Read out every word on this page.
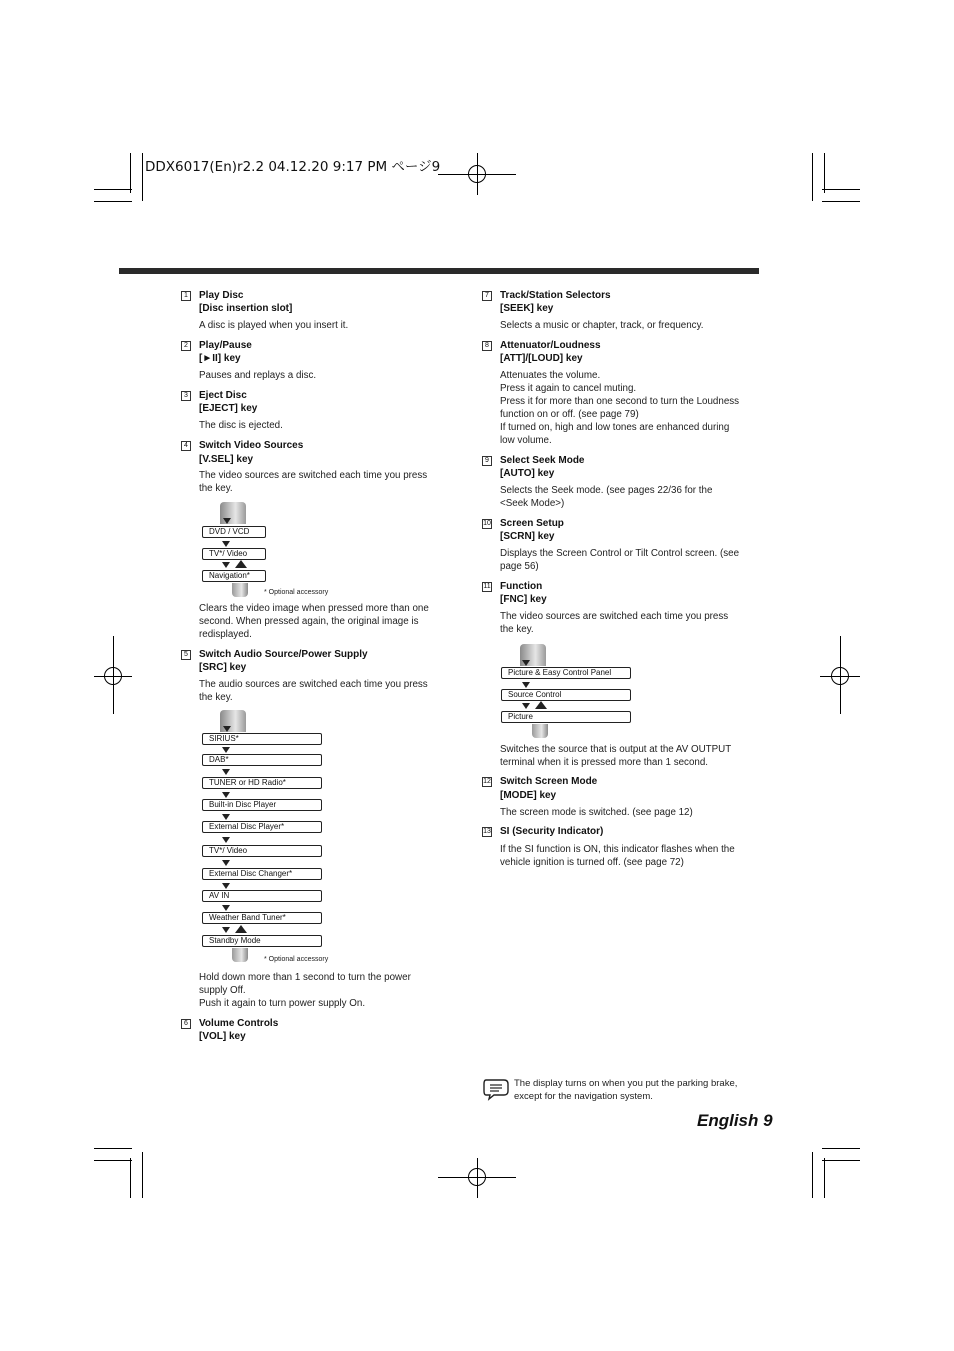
DDX6017(En)r2.2 04.12.20 9:17 PM ページ9
1	Play Disc
[Disc insertion slot]
A disc is played when you insert it.
2	Play/Pause
[►II] key
Pauses and replays a disc.
3	Eject Disc
[EJECT] key
The disc is ejected.
4	Switch Video Sources
[V.SEL] key
The video sources are switched each time you press
the key.
DVD / VCD
TV*/ Video
Navigation*
* Optional accessory
Clears the video image when pressed more than one
second. When pressed again, the original image is
redisplayed.
5	Switch Audio Source/Power Supply
[SRC] key
The audio sources are switched each time you press
the key.
SIRIUS*
DAB*
TUNER or HD Radio*
Built-in Disc Player
External Disc Player*
TV*/ Video
External Disc Changer*
AV IN
Weather Band Tuner*
Standby Mode
* Optional accessory
Hold down more than 1 second to turn the power
supply Off.
Push it again to turn power supply On.
6	Volume Controls
[VOL] key
7	Track/Station Selectors
[SEEK] key
Selects a music or chapter, track, or frequency.
8	Attenuator/Loudness
[ATT]/[LOUD] key
Attenuates the volume.
Press it again to cancel muting.
Press it for more than one second to turn the Loudness
function on or off. (see page 79)
If turned on, high and low tones are enhanced during
low volume.
9	Select Seek Mode
[AUTO] key
Selects the Seek mode. (see pages 22/36 for the
<Seek Mode>)
10 Screen Setup
[SCRN] key
Displays the Screen Control or Tilt Control screen. (see
page 56)
11 Function
[FNC] key
The video sources are switched each time you press
the key.
Picture & Easy Control Panel
Source Control
Picture
Switches the source that is output at the AV OUTPUT
terminal when it is pressed more than 1 second.
12 Switch Screen Mode
[MODE] key
The screen mode is switched. (see page 12)
13 SI (Security Indicator)
If the SI function is ON, this indicator flashes when the
vehicle ignition is turned off. (see page 72)
The display turns on when you put the parking brake,
except for the navigation system.
English 9
